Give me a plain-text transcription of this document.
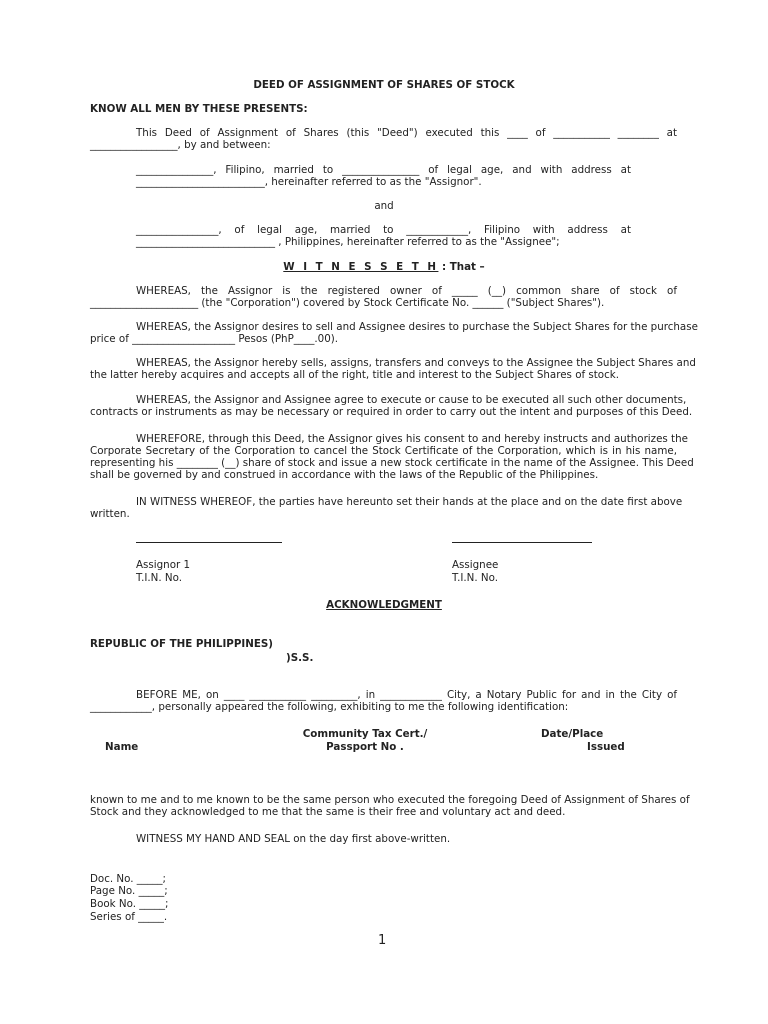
DEED OF ASSIGNMENT OF SHARES OF STOCK

KNOW ALL MEN BY THESE PRESENTS:

This Deed of Assignment of Shares (this "Deed") executed this ____ of ___________ ________ at

_________________, by and between:

_______________, Filipino, married to _______________ of legal age, and with address at

_________________________, hereinafter referred to as the "Assignor".

and

________________, of legal age, married to ____________, Filipino with address at

___________________________ , Philippines, hereinafter referred to as the "Assignee";

W I T N E S S E T H : That –

WHEREAS, the Assignor is the registered owner of _____ (__) common share of stock of

_____________________ (the "Corporation") covered by Stock Certificate No. ______ ("Subject Shares").

WHEREAS, the Assignor desires to sell and Assignee desires to purchase the Subject Shares for the purchase

price of ____________________ Pesos (PhP____.00).

WHEREAS, the Assignor hereby sells, assigns, transfers and conveys to the Assignee the Subject Shares and

the latter hereby acquires and accepts all of the right, title and interest to the Subject Shares of stock.

WHEREAS, the Assignor and Assignee agree to execute or cause to be executed all such other documents,

contracts or instruments as may be necessary or required in order to carry out the intent and purposes of this Deed.

WHEREFORE, through this Deed, the Assignor gives his consent to and hereby instructs and authorizes the

Corporate Secretary of the Corporation to cancel the Stock Certificate of the Corporation, which is in his name,

representing his ________ (__) share of stock and issue a new stock certificate in the name of the Assignee. This Deed

shall be governed by and construed in accordance with the laws of the Republic of the Philippines.

IN WITNESS WHEREOF, the parties have hereunto set their hands at the place and on the date first above

written.

Assignor 1

T.I.N. No.

Assignee

T.I.N. No.

ACKNOWLEDGMENT

REPUBLIC OF THE PHILIPPINES)

)S.S.

BEFORE ME, on ____ ___________ _________, in ____________ City, a Notary Public for and in the City of

____________, personally appeared the following, exhibiting to me the following identification:

Community Tax Cert./

Passport No .

Date/Place

Issued

Name

known to me and to me known to be the same person who executed the foregoing Deed of Assignment of Shares of

Stock and they acknowledged to me that the same is their free and voluntary act and deed.

WITNESS MY HAND AND SEAL on the day first above-written.

Doc. No. _____;

Page No. _____;

Book No. _____;

Series of _____.

1
